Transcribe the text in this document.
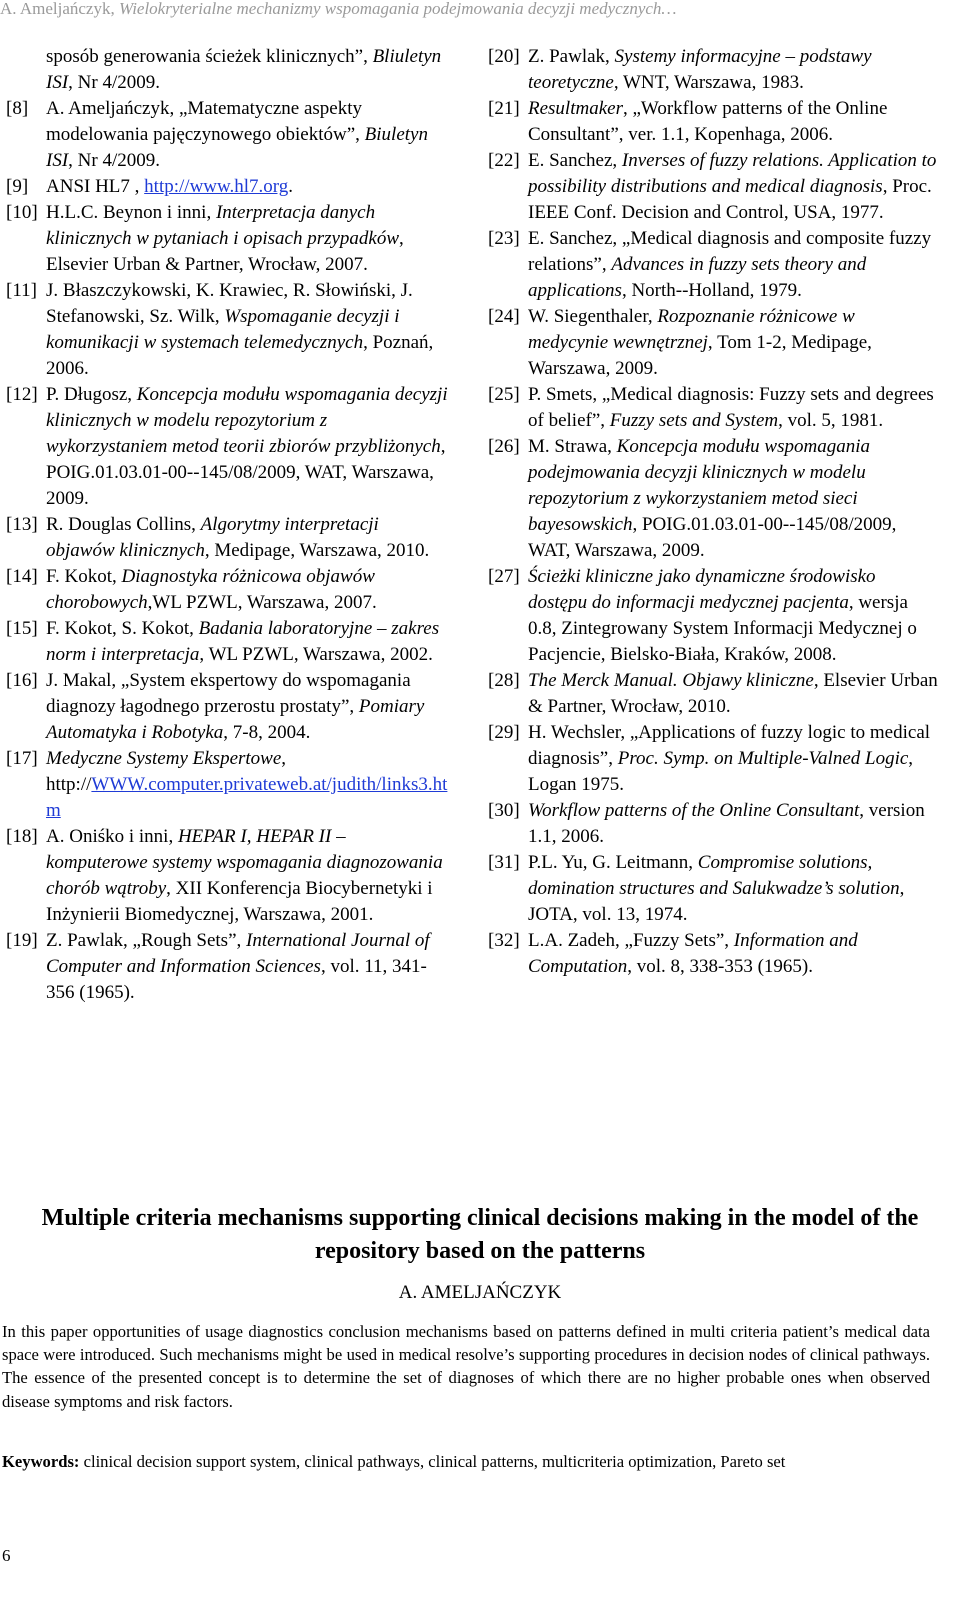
A. Ameljańczyk, Wielokryterialne mechanizmy wspomagania podejmowania decyzji medycznych…
sposób generowania ścieżek klinicznych”, Bliuletyn ISI, Nr 4/2009.
[8] A. Ameljańczyk, „Matematyczne aspekty modelowania pajęczynowego obiektów”, Biuletyn ISI, Nr 4/2009.
[9] ANSI HL7 , http://www.hl7.org.
[10] H.L.C. Beynon i inni, Interpretacja danych klinicznych w pytaniach i opisach przypadków, Elsevier Urban & Partner, Wrocław, 2007.
[11] J. Błaszczykowski, K. Krawiec, R. Słowiński, J. Stefanowski, Sz. Wilk, Wspomaganie decyzji i komunikacji w systemach telemedycznych, Poznań, 2006.
[12] P. Długosz, Koncepcja modułu wspomagania decyzji klinicznych w modelu repozytorium z wykorzystaniem metod teorii zbiorów przybliżonych, POIG.01.03.01-00-​-145/08/2009, WAT, Warszawa, 2009.
[13] R. Douglas Collins, Algorytmy interpretacji objawów klinicznych, Medipage, Warszawa, 2010.
[14] F. Kokot, Diagnostyka różnicowa objawów chorobowych,WL PZWL, Warszawa, 2007.
[15] F. Kokot, S. Kokot, Badania laboratoryjne – zakres norm i interpretacja, WL PZWL, Warszawa, 2002.
[16] J. Makal, „System ekspertowy do wspomagania diagnozy łagodnego przerostu prostaty”, Pomiary Automatyka i Robotyka, 7-8, 2004.
[17] Medyczne Systemy Ekspertowe,
http://WWW.computer.privateweb.at/judith/links3.htm
[18] A. Oniśko i inni, HEPAR I, HEPAR II – komputerowe systemy wspomagania diagnozowania chorób wątroby, XII Konferencja Biocybernetyki i Inżynierii Biomedycznej, Warszawa, 2001.
[19] Z. Pawlak, „Rough Sets”, International Journal of Computer and Information Sciences, vol. 11, 341-356 (1965).
[20] Z. Pawlak, Systemy informacyjne – podstawy teoretyczne, WNT, Warszawa, 1983.
[21] Resultmaker, „Workflow patterns of the Online Consultant”, ver. 1.1, Kopenhaga, 2006.
[22] E. Sanchez, Inverses of fuzzy relations. Application to possibility distributions and medical diagnosis, Proc. IEEE Conf. Decision and Control, USA, 1977.
[23] E. Sanchez, „Medical diagnosis and composite fuzzy relations”, Advances in fuzzy sets theory and applications, North-​-Holland, 1979.
[24] W. Siegenthaler, Rozpoznanie różnicowe w medycynie wewnętrznej, Tom 1-2, Medipage, Warszawa, 2009.
[25] P. Smets, „Medical diagnosis: Fuzzy sets and degrees of belief”, Fuzzy sets and System, vol. 5, 1981.
[26] M. Strawa, Koncepcja modułu wspomagania podejmowania decyzji klinicznych w modelu repozytorium z wykorzystaniem metod sieci bayesowskich, POIG.01.03.01-00-​-145/08/2009, WAT, Warszawa, 2009.
[27] Ścieżki kliniczne jako dynamiczne środowisko dostępu do informacji medycznej pacjenta, wersja 0.8, Zintegrowany System Informacji Medycznej o Pacjencie, Bielsko-Biała, Kraków, 2008.
[28] The Merck Manual. Objawy kliniczne, Elsevier Urban & Partner, Wrocław, 2010.
[29] H. Wechsler, „Applications of fuzzy logic to medical diagnosis”, Proc. Symp. on Multiple-Valned Logic, Logan 1975.
[30] Workflow patterns of the Online Consultant, version 1.1, 2006.
[31] P.L. Yu, G. Leitmann, Compromise solutions, domination structures and Salukwadze’s solution, JOTA, vol. 13, 1974.
[32] L.A. Zadeh, „Fuzzy Sets”, Information and Computation, vol. 8, 338-353 (1965).
Multiple criteria mechanisms supporting clinical decisions making in the model of the repository based on the patterns
A. AMELJAŃCZYK
In this paper opportunities of usage diagnostics conclusion mechanisms based on patterns defined in multi criteria patient’s medical data space were introduced. Such mechanisms might be used in medical resolve’s supporting procedures in decision nodes of clinical pathways. The essence of the presented concept is to determine the set of diagnoses of which there are no higher probable ones when observed disease symptoms and risk factors.
Keywords: clinical decision support system, clinical pathways, clinical patterns, multicriteria optimization, Pareto set
6
